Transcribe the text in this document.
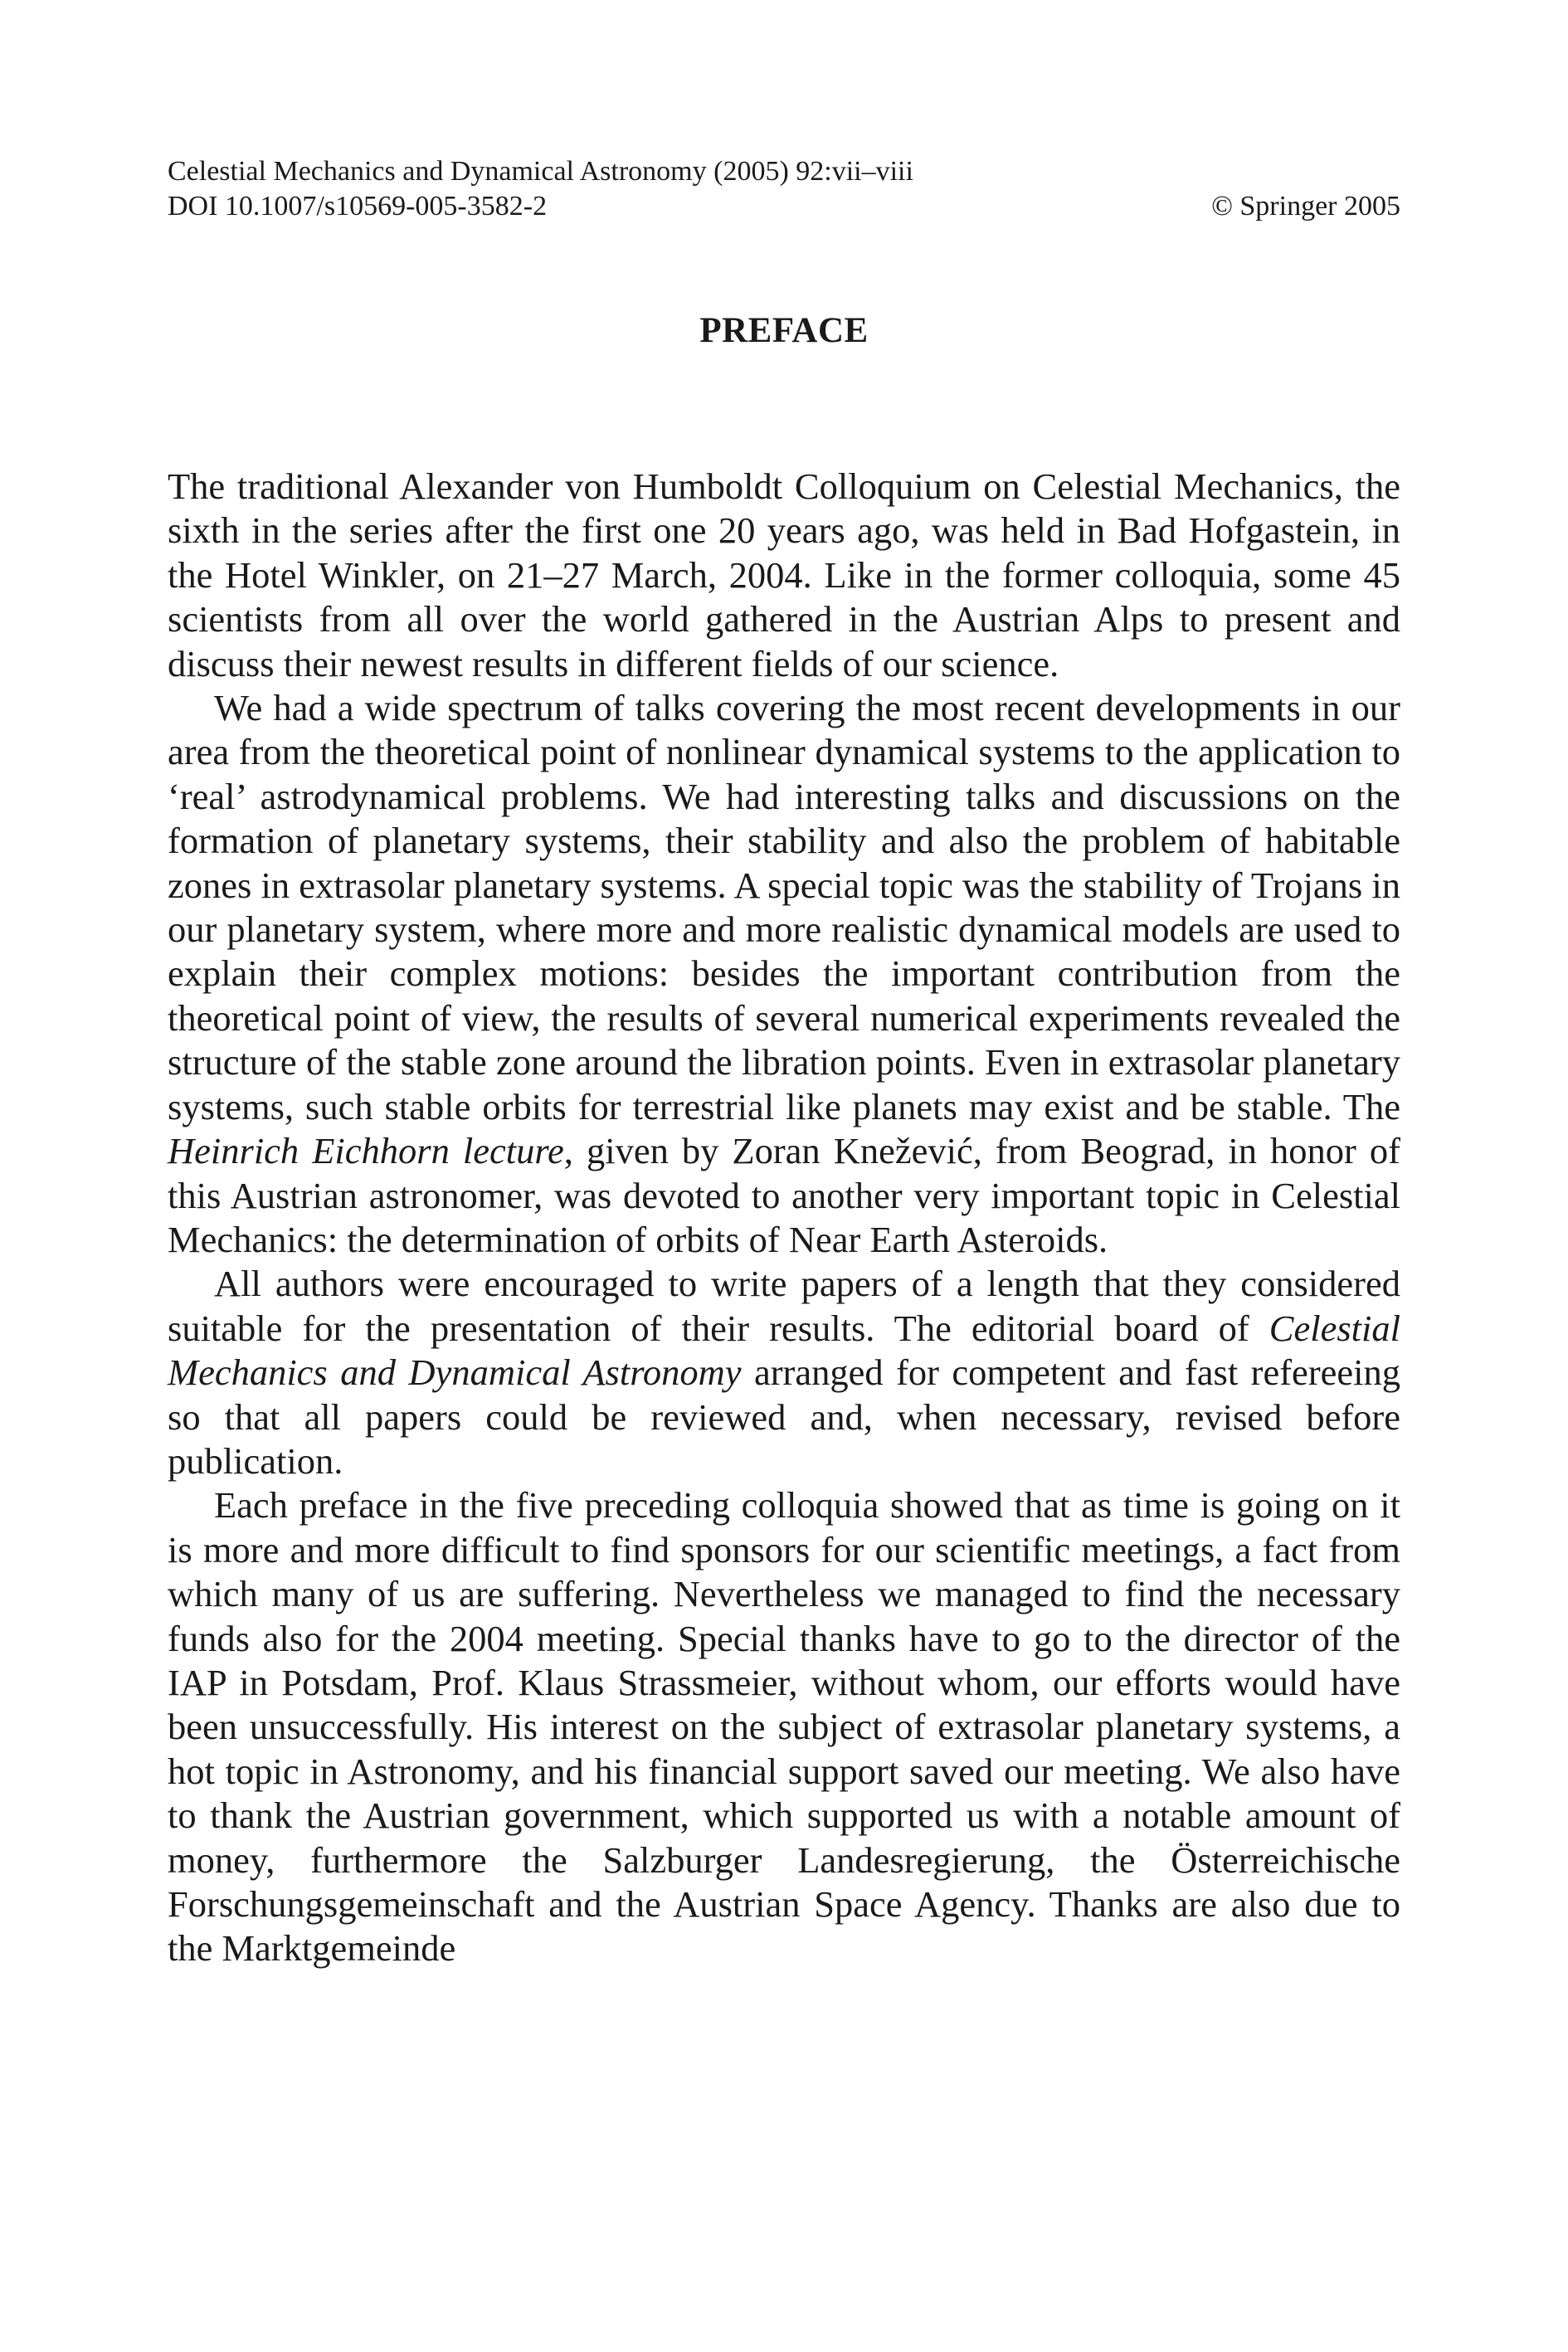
Celestial Mechanics and Dynamical Astronomy (2005) 92:vii–viii
DOI 10.1007/s10569-005-3582-2	© Springer 2005
PREFACE

The traditional Alexander von Humboldt Colloquium on Celestial Mechanics, the sixth in the series after the first one 20 years ago, was held in Bad Hofgastein, in the Hotel Winkler, on 21–27 March, 2004. Like in the former colloquia, some 45 scientists from all over the world gathered in the Austrian Alps to present and discuss their newest results in different fields of our science.

We had a wide spectrum of talks covering the most recent developments in our area from the theoretical point of nonlinear dynamical systems to the application to ‘real’ astrodynamical problems. We had interesting talks and discussions on the formation of planetary systems, their stability and also the problem of habitable zones in extrasolar planetary systems. A special topic was the stability of Trojans in our planetary system, where more and more realistic dynamical models are used to explain their complex motions: besides the important contribution from the theoretical point of view, the results of several numerical experiments revealed the structure of the stable zone around the libration points. Even in extrasolar planetary systems, such stable orbits for terrestrial like planets may exist and be stable. The Heinrich Eichhorn lecture, given by Zoran Knežević, from Beograd, in honor of this Austrian astronomer, was devoted to another very important topic in Celestial Mechanics: the determination of orbits of Near Earth Asteroids.

All authors were encouraged to write papers of a length that they considered suitable for the presentation of their results. The editorial board of Celestial Mechanics and Dynamical Astronomy arranged for competent and fast refereeing so that all papers could be reviewed and, when necessary, revised before publication.

Each preface in the five preceding colloquia showed that as time is going on it is more and more difficult to find sponsors for our scientific meetings, a fact from which many of us are suffering. Nevertheless we managed to find the necessary funds also for the 2004 meeting. Special thanks have to go to the director of the IAP in Potsdam, Prof. Klaus Strassmeier, without whom, our efforts would have been unsuccessfully. His interest on the subject of extrasolar planetary systems, a hot topic in Astronomy, and his financial support saved our meeting. We also have to thank the Austrian government, which supported us with a notable amount of money, furthermore the Salzburger Landesregierung, the Österreichische Forschungsgemeinschaft and the Austrian Space Agency. Thanks are also due to the Marktgemeinde
